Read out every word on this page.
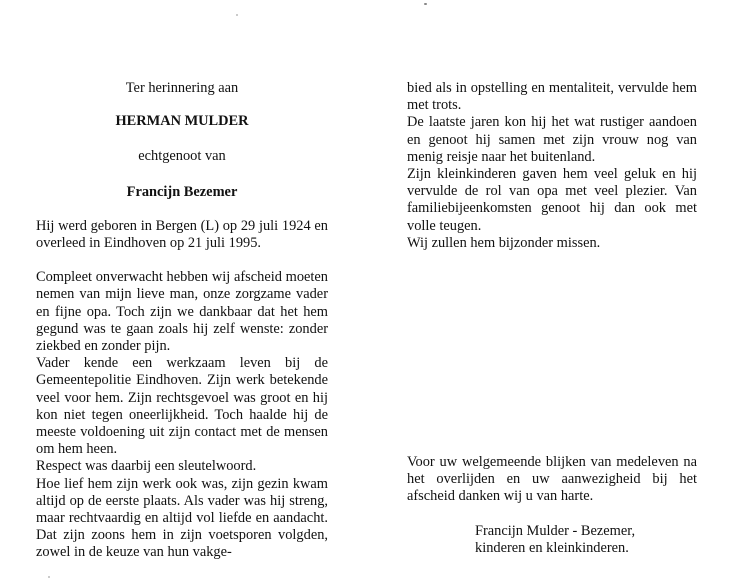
Ter herinnering aan

HERMAN MULDER

echtgenoot van

Francijn Bezemer

Hij werd geboren in Bergen (L) op 29 juli 1924 en overleed in Eindhoven op 21 juli 1995.

Compleet onverwacht hebben wij afscheid moeten nemen van mijn lieve man, onze zorgzame vader en fijne opa. Toch zijn we dankbaar dat het hem gegund was te gaan zoals hij zelf wenste: zonder ziekbed en zonder pijn.

Vader kende een werkzaam leven bij de Gemeentepolitie Eindhoven. Zijn werk betekende veel voor hem. Zijn rechtsgevoel was groot en hij kon niet tegen oneerlijkheid. Toch haalde hij de meeste voldoening uit zijn contact met de mensen om hem heen.

Respect was daarbij een sleutelwoord.

Hoe lief hem zijn werk ook was, zijn gezin kwam altijd op de eerste plaats. Als vader was hij streng, maar rechtvaardig en altijd vol liefde en aandacht. Dat zijn zoons hem in zijn voetsporen volgden, zowel in de keuze van hun vakge-

bied als in opstelling en mentaliteit, vervulde hem met trots.

De laatste jaren kon hij het wat rustiger aandoen en genoot hij samen met zijn vrouw nog van menig reisje naar het buitenland.

Zijn kleinkinderen gaven hem veel geluk en hij vervulde de rol van opa met veel plezier. Van familiebijeenkomsten genoot hij dan ook met volle teugen.

Wij zullen hem bijzonder missen.

Voor uw welgemeende blijken van medeleven na het overlijden en uw aanwezigheid bij het afscheid danken wij u van harte.

Francijn Mulder - Bezemer,

kinderen en kleinkinderen.
